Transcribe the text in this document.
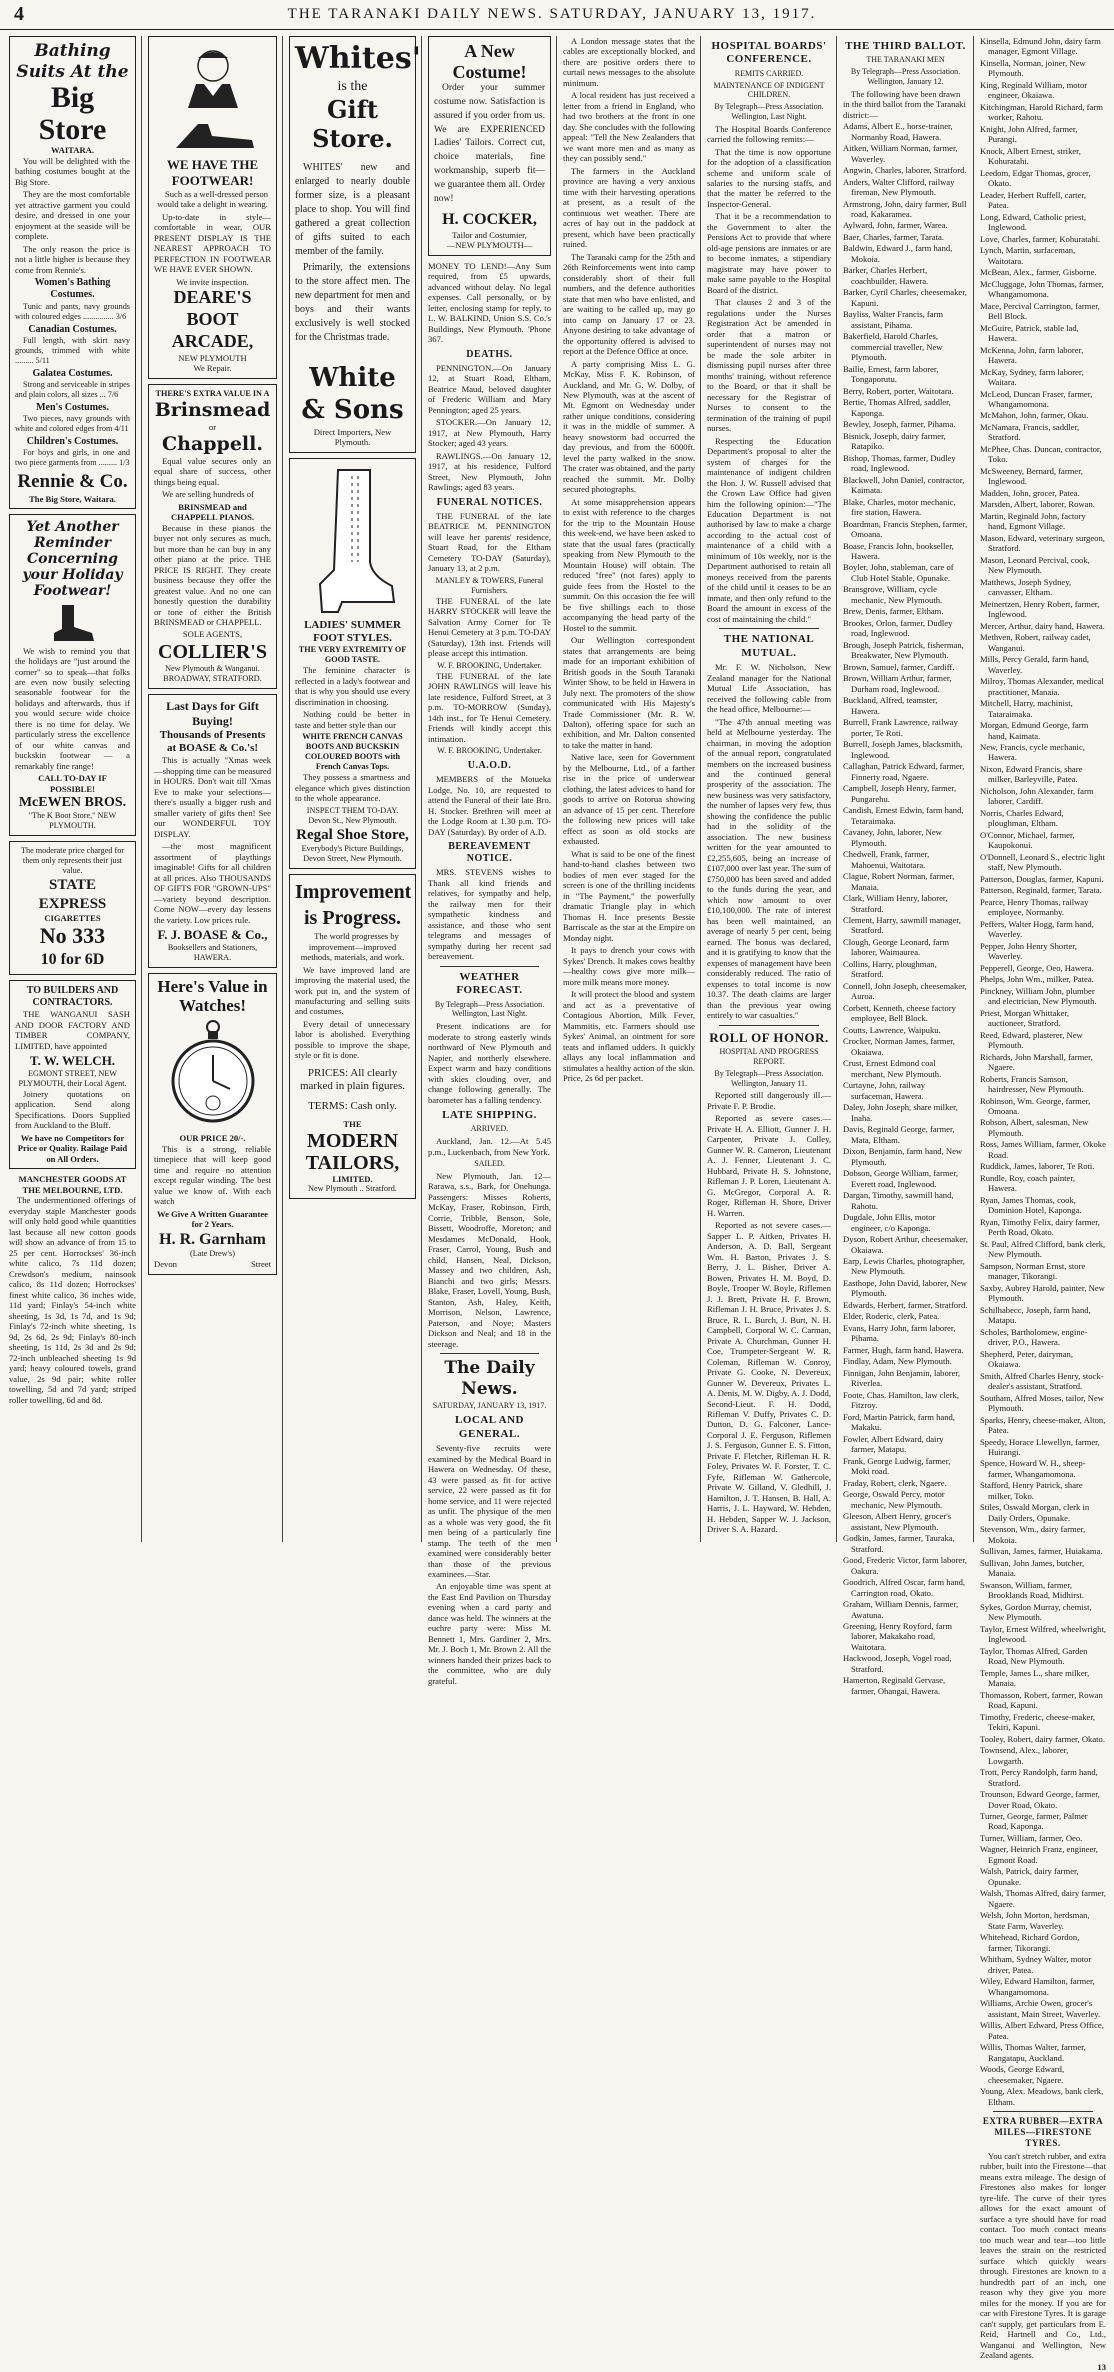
4	THE TARANAKI DAILY NEWS. SATURDAY, JANUARY 13, 1917.
Bathing Suits At the
Big Store
WAITARA.

You will be delighted with the bathing costumes bought at the Big Store.

They are the most comfortable yet attractive garment you could desire, and dressed in one your enjoyment at the seaside will be complete.

The only reason the price is not a little higher is because they come from Rennie's.

Women's Bathing Costumes.

Tunic and pants, navy grounds with coloured edges ............... 3/6

Canadian Costumes.

Full length, with skirt navy grounds, trimmed with white ......... 5/11

Galatea Costumes.

Strong and serviceable in stripes and plain colors, all sizes ... 7/6

Men's Costumes.

Two pieces, navy grounds with white and colored edges from 4/11

Children's Costumes.

For boys and girls, in one and two piece garments from ......... 1/3

Rennie & Co.
The Big Store, Waitara.
Yet Another Reminder Concerning your Holiday Footwear!

We wish to remind you that the holidays are "just around the corner" so to speak—that folks are even now busily selecting seasonable footwear for the holidays and afterwards, thus if you would secure wide choice there is no time for delay. We particularly stress the excellence of our white canvas and buckskin footwear — a remarkably fine range!

CALL TO-DAY IF POSSIBLE!
McEWEN BROS.
"The K Boot Store," NEW PLYMOUTH.
The moderate price charged for them only represents their just value.
STATE EXPRESS
CIGARETTES
No 333
10 for 6D
TO BUILDERS AND CONTRACTORS.

THE WANGANUI SASH AND DOOR FACTORY AND TIMBER COMPANY, LIMITED, have appointed

T. W. WELCH.
EGMONT STREET, NEW PLYMOUTH, their Local Agent.

Joinery quotations on application. Send along Specifications. Doors Supplied from Auckland to the Bluff.

We have no Competitors for Price or Quality. Railage Paid on All Orders.
MANCHESTER GOODS AT THE MELBOURNE, LTD.

The undermentioned offerings of everyday staple Manchester goods will only hold good while quantities last because all new cotton goods will show an advance of from 15 to 25 per cent. Horrockses' 36-inch white calico, 7s 11d dozen; Crewdson's medium, nainsook calico, 8s 11d dozen; Horrockses' finest white calico, 36 inches wide, 11d yard; Finlay's 54-inch white sheeting, 1s 3d, 1s 7d, and 1s 9d; Finlay's 72-inch white sheeting, 1s 9d, 2s 6d, 2s 9d; Finlay's 80-inch sheeting, 1s 11d, 2s 3d and 2s 9d; 72-inch unbleached sheeting 1s 9d yard; heavy coloured towels, grand value, 2s 9d pair; white roller towelling, 5d and 7d yard; striped roller towelling, 6d and 8d.

WE HAVE THE FOOTWEAR!

Such as a well-dressed person would take a delight in wearing.

Up-to-date in style—comfortable in wear, OUR PRESENT DISPLAY IS THE NEAREST APPROACH TO PERFECTION IN FOOTWEAR WE HAVE EVER SHOWN.

We invite inspection.
DEARE'S BOOT ARCADE,
NEW PLYMOUTH
We Repair.
THERE'S EXTRA VALUE IN A
Brinsmead
or
Chappell.

Equal value secures only an equal share of success, other things being equal.

We are selling hundreds of

BRINSMEAD and CHAPPELL PIANOS.

Because in these pianos the buyer not only secures as much, but more than he can buy in any other piano at the price. THE PRICE IS RIGHT. They create business because they offer the greatest value. And no one can honestly question the durability or tone of either the British BRINSMEAD or CHAPPELL.

SOLE AGENTS,
COLLIER'S
New Plymouth & Wanganui. BROADWAY, STRATFORD.
Last Days for Gift Buying!
Thousands of Presents at BOASE & Co.'s!

This is actually "Xmas week —shopping time can be measured in HOURS. Don't wait till 'Xmas Eve to make your selections—there's usually a bigger rush and smaller variety of gifts then! See our WONDERFUL TOY DISPLAY.

—the most magnificent assortment of playthings imaginable! Gifts for all children at all prices. Also THOUSANDS OF GIFTS FOR "GROWN-UPS" —variety beyond description. Come NOW—every day lessens the variety. Low prices rule.

F. J. BOASE & Co.,
Booksellers and Stationers, HAWERA.
Here's Value in Watches!
OUR PRICE 20/-.

This is a strong, reliable timepiece that will keep good time and require no attention except regular winding. The best value we know of. With each watch

We Give A Written Guarantee for 2 Years.
H. R. Garnham
(Late Drew's)
Devon	Street
Whites'
is the
Gift Store.

WHITES' new and enlarged to nearly double former size, is a pleasant place to shop. You will find gathered a great collection of gifts suited to each member of the family.

Primarily, the extensions to the store affect men. The new department for men and boys and their wants exclusively is well stocked for the Christmas trade.

White & Sons
Direct Importers, New Plymouth.
LADIES' SUMMER FOOT STYLES.
THE VERY EXTREMITY OF GOOD TASTE.

The feminine character is reflected in a lady's footwear and that is why you should use every discrimination in choosing.

Nothing could be better in taste and better style than our

WHITE FRENCH CANVAS BOOTS AND BUCKSKIN COLOURED BOOTS with French Canvas Tops.

They possess a smartness and elegance which gives distinction to the whole appearance.

INSPECT THEM TO-DAY. Devon St., New Plymouth.
Regal Shoe Store,
Everybody's Picture Buildings, Devon Street, New Plymouth.
Improvement is Progress.

The world progresses by improvement—improved methods, materials, and work.

We have improved land are improving the material used, the work put in, and the system of manufacturing and selling suits and costumes.

Every detail of unnecessary labor is abolished. Everything possible to improve the shape, style or fit is done.

PRICES: All clearly marked in plain figures.
TERMS: Cash only.
THE
MODERN TAILORS,
LIMITED.
New Plymouth .. Stratford.
A New Costume!

Order your summer costume now. Satisfaction is assured if you order from us. We are EXPERIENCED Ladies' Tailors. Correct cut, choice materials, fine workmanship, superb fit—we guarantee them all. Order now!

H. COCKER,
Tailor and Costumier,
—NEW PLYMOUTH—

MONEY TO LEND!—Any Sum required, from £5 upwards, advanced without delay. No legal expenses. Call personally, or by letter, enclosing stamp for reply, to L. W. BALKIND, Union S.S. Co.'s Buildings, New Plymouth. 'Phone 367.

DEATHS.

PENNINGTON.—On January 12, at Stuart Road, Eltham, Beatrice Maud, beloved daughter of Frederic William and Mary Pennington; aged 25 years.

STOCKER.—On January 12, 1917, at New Plymouth, Harry Stocker; aged 43 years.

RAWLINGS.—On January 12, 1917, at his residence, Fulford Street, New Plymouth, John Rawlings; aged 83 years.

FUNERAL NOTICES.

THE FUNERAL of the late BEATRICE M. PENNINGTON will leave her parents' residence, Stuart Road, for the Eltham Cemetery TO-DAY (Saturday), January 13, at 2 p.m.

MANLEY & TOWERS, Funeral Furnishers.

THE FUNERAL of the late HARRY STOCKER will leave the Salvation Army Corner for Te Henui Cemetery at 3 p.m. TO-DAY (Saturday), 13th inst. Friends will please accept this intimation.

W. F. BROOKING, Undertaker.

THE FUNERAL of the late JOHN RAWLINGS will leave his late residence, Fulford Street, at 3 p.m. TO-MORROW (Sunday), 14th inst., for Te Henui Cemetery. Friends will kindly accept this intimation.

W. F. BROOKING, Undertaker.
U.A.O.D.

MEMBERS of the Motueka Lodge, No. 10, are requested to attend the Funeral of their late Bro. H. Stocker. Brethren will meet at the Lodge Room at 1.30 p.m. TO-DAY (Saturday). By order of A.D.

BEREAVEMENT NOTICE.

MRS. STEVENS wishes to Thank all kind friends and relatives, for sympathy and help, the railway men for their sympathetic kindness and assistance, and those who sent telegrams and messages of sympathy during her recent sad bereavement.

WEATHER FORECAST.
By Telegraph—Press Association. Wellington, Last Night.

Present indications are for moderate to strong easterly winds northward of New Plymouth and Napier, and northerly elsewhere. Expect warm and hazy conditions with skies clouding over, and change following generally. The barometer has a falling tendency.

LATE SHIPPING.
ARRIVED.

Auckland, Jan. 12.—At 5.45 p.m., Luckenbach, from New York.

SAILED.

New Plymouth, Jan. 12—Rarawa, s.s., Bark, for Onehunga. Passengers: Misses Roberts, McKay, Fraser, Robinson, Firth, Corrie, Tribble, Benson, Sole, Bissett, Woodroffe, Moreton; and Mesdames McDonald, Hook, Fraser, Carrol, Young, Bush and child, Hansen, Neal, Dickson, Massey and two children, Ash, Bianchi and two girls; Messrs. Blake, Fraser, Lovell, Young, Bush, Stanton, Ash, Haley, Keith, Morrison, Nelson, Lawrence, Paterson, and Noye; Masters Dickson and Neal; and 18 in the steerage.

The Daily News.
SATURDAY, JANUARY 13, 1917.
LOCAL AND GENERAL.

Seventy-five recruits were examined by the Medical Board in Hawera on Wednesday. Of these, 43 were passed as fit for active service, 22 were passed as fit for home service, and 11 were rejected as unfit. The physique of the men as a whole was very good, the fit men being of a particularly fine stamp. The teeth of the men examined were considerably better than those of the previous examinees.—Star.

An enjoyable time was spent at the East End Pavilion on Thursday evening when a card party and dance was held. The winners at the euchre party were: Miss M. Bennett 1, Mrs. Gardiner 2, Mrs. Mr. J. Boch 1, Mr. Brown 2. All the winners handed their prizes back to the committee, who are duly grateful.

A London message states that the cables are exceptionally blocked, and there are positive orders there to curtail news messages to the absolute minimum.

A local resident has just received a letter from a friend in England, who had two brothers at the front in one day. She concludes with the following appeal: "Tell the New Zealanders that we want more men and as many as they can possibly send."

The farmers in the Auckland province are having a very anxious time with their harvesting operations at present, as a result of the continuous wet weather. There are acres of hay out in the paddock at present, which have been practically ruined.

The Taranaki camp for the 25th and 26th Reinforcements went into camp considerably short of their full numbers, and the defence authorities state that men who have enlisted, and are waiting to be called up, may go into camp on January 17 or 23. Anyone desiring to take advantage of the opportunity offered is advised to report at the Defence Office at once.

A party comprising Miss L. G. McKay, Miss F. K. Robinson, of Auckland, and Mr. G. W. Dolby, of New Plymouth, was at the ascent of Mt. Egmont on Wednesday under rather unique conditions, considering it was in the middle of summer. A heavy snowstorm had occurred the day previous, and from the 6000ft. level the party walked in the snow. The crater was obtained, and the party reached the summit. Mr. Dolby secured photographs.

At some misapprehension appears to exist with reference to the charges for the trip to the Mountain House this week-end, we have been asked to state that the usual fares (practically speaking from New Plymouth to the Mountain House) will obtain. The reduced "free" (not fares) apply to guide fees from the Hostel to the summit. On this occasion the fee will be five shillings each to those accompanying the head party of the Hostel to the summit.

Our Wellington correspondent states that arrangements are being made for an important exhibition of British goods in the South Taranaki Winter Show, to be held in Hawera in July next. The promoters of the show communicated with His Majesty's Trade Commissioner (Mr. R. W. Dalton), offering space for such an exhibition, and Mr. Dalton consented to take the matter in hand.

Native lace, seen for Government by the Melbourne, Ltd., of a farther rise in the price of underwear clothing, the latest advices to hand for goods to arrive on Rotorua showing an advance of 15 per cent. Therefore the following new prices will take effect as soon as old stocks are exhausted.

What is said to be one of the finest hand-to-hand clashes between two bodies of men ever staged for the screen is one of the thrilling incidents in "The Payment," the powerfully dramatic Triangle play in which Thomas H. Ince presents Bessie Barriscale as the star at the Empire on Monday night.

It pays to drench your cows with Sykes' Drench. It makes cows healthy—healthy cows give more milk—more milk means more money.

It will protect the blood and system and act as a preventative of Contagious Abortion, Milk Fever, Mammitis, etc. Farmers should use Sykes' Animal, an ointment for sore teats and inflamed udders. It quickly allays any local inflammation and stimulates a healthy action of the skin. Price, 2s 6d per packet.

HOSPITAL BOARDS' CONFERENCE.
REMITS CARRIED.
MAINTENANCE OF INDIGENT CHILDREN.
By Telegraph—Press Association. Wellington, Last Night.

The Hospital Boards Conference carried the following remits:—

That the time is now opportune for the adoption of a classification scheme and uniform scale of salaries to the nursing staffs, and that the matter be referred to the Inspector-General.

That it be a recommendation to the Government to alter the Pensions Act to provide that where old-age pensions are inmates or are to become inmates, a stipendiary magistrate may have power to make same payable to the Hospital Board of the district.

That clauses 2 and 3 of the regulations under the Nurses Registration Act be amended in order that a matron or superintendent of nurses may not be made the sole arbiter in dismissing pupil nurses after three months' training, without reference to the Board, or that it shall be necessary for the Registrar of Nurses to consent to the termination of the training of pupil nurses.

Respecting the Education Department's proposal to alter the system of charges for the maintenance of indigent children the Hon. J. W. Russell advised that the Crown Law Office had given him the following opinion:—"The Education Department is not authorised by law to make a charge according to the actual cost of maintenance of a child with a minimum of 10s weekly, nor is the Department authorised to retain all moneys received from the parents of the child until it ceases to be an inmate, and then only refund to the Board the amount in excess of the cost of maintaining the child."

THE NATIONAL MUTUAL.

Mr. F. W. Nicholson, New Zealand manager for the National Mutual Life Association, has received the following cable from the head office, Melbourne:—

"The 47th annual meeting was held at Melbourne yesterday. The chairman, in moving the adoption of the annual report, congratulated members on the increased business and the continued general prosperity of the association. The new business was very satisfactory, the number of lapses very few, thus showing the confidence the public had in the solidity of the association. The new business written for the year amounted to £2,255,605, being an increase of £107,000 over last year. The sum of £750,000 has been saved and added to the funds during the year, and which now amount to over £10,100,000. The rate of interest has been well maintained, an average of nearly 5 per cent, being earned. The bonus was declared, and it is gratifying to know that the expenses of management have been considerably reduced. The ratio of expenses to total income is now 10.37. The death claims are larger than the previous year owing entirely to war casualties."

ROLL OF HONOR.
HOSPITAL AND PROGRESS REPORT.
By Telegraph—Press Association. Wellington, January 11.

Reported still dangerously ill.—Private F. P. Brodie.

Reported as severe cases.—Private H. A. Elliott, Gunner J. H. Carpenter, Private J. Colley, Gunner W. R. Cameron, Lieutenant A. J. Fenner, Lieutenant J. C. Hubbard, Private H. S. Johnstone, Rifleman J. P. Loren, Lieutenant A. G. McGregor, Corporal A. R. Roger, Rifleman H. Shore, Driver H. Warren.

Reported as not severe cases.—Sapper L. P. Aitken, Privates H. Anderson, A. D. Ball, Sergeant Wm. H. Barton, Privates J. S. Berry, J. L. Bisher, Driver A. Bowen, Privates H. M. Boyd, D. Boyle, Trooper W. Boyle, Riflemen J. J. Brett, Private H. F. Brown, Rifleman J. H. Bruce, Privates J. S. Bruce, R. L. Burch, J. Burt, N. H. Campbell, Corporal W. C. Carman, Private A. Churchman, Gunner H. Coe, Trumpeter-Sergeant W. R. Coleman, Rifleman W. Conroy, Private G. Cooke, N. Devereux, Gunner W. Devereux, Privates L. A. Denis, M. W. Digby, A. J. Dodd, Second-Lieut. F. H. Dodd, Rifleman V. Duffy, Privates C. D. Dutton, D. G. Falconer, Lance-Corporal J. E. Ferguson, Riflemen J. S. Ferguson, Gunner E. S. Fitton, Private F. Fletcher, Rifleman H. R. Foley, Privates W. F. Forster, T. C. Fyfe, Rifleman W. Gathercole, Private W. Gilland, V. Gledhill, J. Hamilton, J. T. Hansen, B. Hall, A. Harris, J. L. Hayward, W. Hebden, H. Hebden, Sapper W. J. Jackson, Driver S. A. Hazard.

THE THIRD BALLOT.
THE TARANAKI MEN
By Telegraph—Press Association. Wellington, January 12.

The following have been drawn in the third ballot from the Taranaki district:—

Adams, Albert E., horse-trainer, Normanby Road, Hawera.

Aitken, William Norman, farmer, Waverley.

Angwin, Charles, laborer, Stratford.

Anders, Walter Clifford, railway fireman, New Plymouth.

Armstrong, John, dairy farmer, Bull road, Kakaramea.

Aylward, John, farmer, Warea.

Baer, Charles, farmer, Tarata.

Baldwin, Edward J., farm hand, Mokoia.

Barker, Charles Herbert, coachbuilder, Hawera.

Barker, Cyril Charles, cheesemaker, Kapuni.

Bayliss, Walter Francis, farm assistant, Pihama.

Bakerfield, Harold Charles, commercial traveller, New Plymouth.

Bailie, Ernest, farm laborer, Tongaporutu.

Berry, Robert, porter, Waitotara.

Bertie, Thomas Alfred, saddler, Kaponga.

Bewley, Joseph, farmer, Pihama.

Bisnick, Joseph, dairy farmer, Ratapiko.

Bishop, Thomas, farmer, Dudley road, Inglewood.

Blackwell, John Daniel, contractor, Kaimata.

Blake, Charles, motor mechanic, fire station, Hawera.

Boardman, Francis Stephen, farmer, Omoana.

Boase, Francis John, bookseller, Hawera.

Boyler, John, stableman, care of Club Hotel Stable, Opunake.

Bransgrove, William, cycle mechanic, New Plymouth.

Brew, Denis, farmer, Eltham.

Brookes, Orlon, farmer, Dudley road, Inglewood.

Brough, Joseph Patrick, fisherman, Breakwater, New Plymouth.

Brown, Samuel, farmer, Cardiff.

Brown, William Arthur, farmer, Durham road, Inglewood.

Buckland, Alfred, teamster, Hawera.

Burrell, Frank Lawrence, railway porter, Te Roti.

Burrell, Joseph James, blacksmith, Inglewood.

Callaghan, Patrick Edward, farmer, Finnerty road, Ngaere.

Campbell, Joseph Henry, farmer, Pungarehu.

Candish, Ernest Edwin, farm hand, Tetaraimaka.

Cavaney, John, laborer, New Plymouth.

Chedwell, Frank, farmer, Mahoenui, Waitotara.

Clague, Robert Norman, farmer, Manaia.

Clark, William Henry, laborer, Stratford.

Clement, Harry, sawmill manager, Stratford.

Clough, George Leonard, farm laborer, Waimaurea.

Collins, Harry, ploughman, Stratford.

Connell, John Joseph, cheesemaker, Auroa.

Corbett, Kenneth, cheese factory employee, Bell Block.

Coutts, Lawrence, Waipuku.

Crocker, Norman James, farmer, Okaiawa.

Crust, Ernest Edmond coal merchant, New Plymouth.

Curtayne, John, railway surfaceman, Hawera.

Daley, John Joseph, share milker, Inaha.

Davis, Reginald George, farmer, Mata, Eltham.

Dixon, Benjamin, farm hand, New Plymouth.

Dobson, George William, farmer, Everett road, Inglewood.

Dargan, Timothy, sawmill hand, Rahotu.

Dugdale, John Ellis, motor engineer, c/o Kaponga.

Dyson, Robert Arthur, cheesemaker, Okaiawa.

Earp, Lewis Charles, photographer, New Plymouth.

Easthope, John David, laborer, New Plymouth.

Edwards, Herbert, farmer, Stratford.

Elder, Roderic, clerk, Patea.

Evans, Harry John, farm laborer, Pihama.

Farmer, Hugh, farm hand, Hawera.

Findlay, Adam, New Plymouth.

Finnigan, John Benjamin, laborer, Riverlea.

Foote, Chas. Hamilton, law clerk, Fitzroy.

Ford, Martin Patrick, farm hand, Makaku.

Fowler, Albert Edward, dairy farmer, Matapu.

Frank, George Ludwig, farmer, Moki road.

Fraday, Robert, clerk, Ngaere.

George, Oswald Percy, motor mechanic, New Plymouth.

Gleeson, Albert Henry, grocer's assistant, New Plymouth.

Godkin, James, farmer, Tauraka, Stratford.

Good, Frederic Victor, farm laborer, Oakura.

Goodrich, Alfred Oscar, farm hand, Carrington road, Okato.

Graham, William Dennis, farmer, Awatuna.

Greening, Henry Royford, farm laborer, Makakaho road, Waitotara.

Hackwood, Joseph, Vogel road, Stratford.

Hamerton, Reginald Gervase, farmer, Ohangai, Hawera.

Kinsella, Edmund John, dairy farm manager, Egmont Village.

Kinsella, Norman, joiner, New Plymouth.

King, Reginald William, motor engineer, Okaiawa.

Kitchingman, Harold Richard, farm worker, Rahotu.

Knight, John Alfred, farmer, Purangi.

Knock, Albert Ernest, striker, Kohuratahi.

Leedom, Edgar Thomas, grocer, Okato.

Leader, Herbert Ruffell, carter, Patea.

Long, Edward, Catholic priest, Inglewood.

Love, Charles, farmer, Kohuratahi.

Lynch, Martin, surfaceman, Waitotara.

McBean, Alex., farmer, Gisborne.

McCluggage, John Thomas, farmer, Whangamomona.

Mace, Percival Carrington, farmer, Bell Block.

McGuire, Patrick, stable lad, Hawera.

McKenna, John, farm laborer, Hawera.

McKay, Sydney, farm laborer, Waitara.

McLeod, Duncan Fraser, farmer, Whangamomona.

McMahon, John, farmer, Okau.

McNamara, Francis, saddler, Stratford.

McPhee, Chas. Duncan, contractor, Toko.

McSweeney, Bernard, farmer, Inglewood.

Madden, John, grocer, Patea.

Marsden, Albert, laborer, Rowan.

Martin, Reginald John, factory hand, Egmont Village.

Mason, Edward, veterinary surgeon, Stratford.

Mason, Leonard Percival, cook, New Plymouth.

Matthews, Joseph Sydney, canvasser, Eltham.

Meinertzen, Henry Robert, farmer, Inglewood.

Mercer, Arthur, dairy hand, Hawera.

Methven, Robert, railway cadet, Wanganui.

Mills, Percy Gerald, farm hand, Waverley.

Milroy, Thomas Alexander, medical practitioner, Manaia.

Mitchell, Harry, machinist, Tataraimaka.

Morgan, Edmund George, farm hand, Kaimata.

New, Francis, cycle mechanic, Hawera.

Nixon, Edward Francis, share milker, Barleyville, Patea.

Nicholson, John Alexander, farm laborer, Cardiff.

Norris, Charles Edward, ploughman, Eltham.

O'Connor, Michael, farmer, Kaupokonui.

O'Donnell, Leonard S., electric light staff, New Plymouth.

Patterson, Douglas, farmer, Kapuni.

Patterson, Reginald, farmer, Tarata.

Pearce, Henry Thomas, railway employee, Normanby.

Peffers, Walter Hogg, farm hand, Waverley.

Pepper, John Henry Shorter, Waverley.

Pepperell, George, Oeo, Hawera.

Phelps, John Wm., milker, Patea.

Pinckney, William John, plumber and electrician, New Plymouth.

Priest, Morgan Whittaker, auctioneer, Stratford.

Reed, Edward, plasterer, New Plymouth.

Richards, John Marshall, farmer, Ngaere.

Roberts, Francis Samson, hairdresser, New Plymouth.

Robinson, Wm. George, farmer, Omoana.

Robson, Albert, salesman, New Plymouth.

Ross, James William, farmer, Okoke Road.

Ruddick, James, laborer, Te Roti.

Rundle, Roy, coach painter, Hawera.

Ryan, James Thomas, cook, Dominion Hotel, Kaponga.

Ryan, Timothy Felix, dairy farmer, Perth Road, Okato.

St. Paul, Alfred Clifford, bank clerk, New Plymouth.

Sampson, Norman Ernst, store manager, Tikorangi.

Saxby, Aubrey Harold, painter, New Plymouth.

Schilhabecc, Joseph, farm hand, Matapu.

Scholes, Bartholomew, engine-driver, P.O., Hawera.

Shepherd, Peter, dairyman, Okaiawa.

Smith, Alfred Charles Henry, stock-dealer's assistant, Stratford.

Southam, Alfred Moses, tailor, New Plymouth.

Sparks, Henry, cheese-maker, Alton, Patea.

Speedy, Horace Llewellyn, farmer, Huirangi.

Spence, Howard W. H., sheep-farmer, Whangamomona.

Stafford, Henry Patrick, share milker, Toko.

Stiles, Oswald Morgan, clerk in Daily Orders, Opunake.

Stevenson, Wm., dairy farmer, Mokoia.

Sullivan, James, farmer, Huiakama.

Sullivan, John James, butcher, Manaia.

Swanson, William, farmer, Brooklands Road, Midhirst.

Sykes, Gordon Murray, chemist, New Plymouth.

Taylor, Ernest Wilfred, wheelwright, Inglewood.

Taylor, Thomas Alfred, Garden Road, New Plymouth.

Temple, James L., share milker, Manaia.

Thomasson, Robert, farmer, Rowan Road, Kapuni.

Timothy, Frederic, cheese-maker, Tekiri, Kapuni.

Tooley, Robert, dairy farmer, Okato.

Townsend, Alex., laborer, Lowgarth.

Trott, Percy Randolph, farm hand, Stratford.

Trounson, Edward George, farmer, Dover Road, Okato.

Turner, George, farmer, Palmer Road, Kaponga.

Turner, William, farmer, Oeo.

Wagner, Heinrich Franz, engineer, Egmont Road.

Walsh, Patrick, dairy farmer, Opunake.

Walsh, Thomas Alfred, dairy farmer, Ngaere.

Welsh, John Morton, herdsman, State Farm, Waverley.

Whitehead, Richard Gordon, farmer, Tikorangi.

Whitham, Sydney Walter, motor driver, Patea.

Wiley, Edward Hamilton, farmer, Whangamomona.

Williams, Archie Owen, grocer's assistant, Main Street, Waverley.

Willis, Albert Edward, Press Office, Patea.

Willis, Thomas Walter, farmer, Rangatapu, Auckland.

Woods, George Edward, cheesemaker, Ngaere.

Young, Alex. Meadows, bank clerk, Eltham.

EXTRA RUBBER—EXTRA MILES—FIRESTONE TYRES.

You can't stretch rubber, and extra rubber, built into the Firestone—that means extra mileage. The design of Firestones also makes for longer tyre-life. The curve of their tyres allows for the exact amount of surface a tyre should have for road contact. Too much contact means too much wear and tear—too little leaves the strain on the restricted surface which quickly wears through. Firestones are known to a hundredth part of an inch, one reason why they give you more miles for the money. If you are for car with Firestone Tyres. It is garage can't supply, get particulars from E. Reid, Hartnell and Co., Ltd., Wanganui and Wellington, New Zealand agents.

13
